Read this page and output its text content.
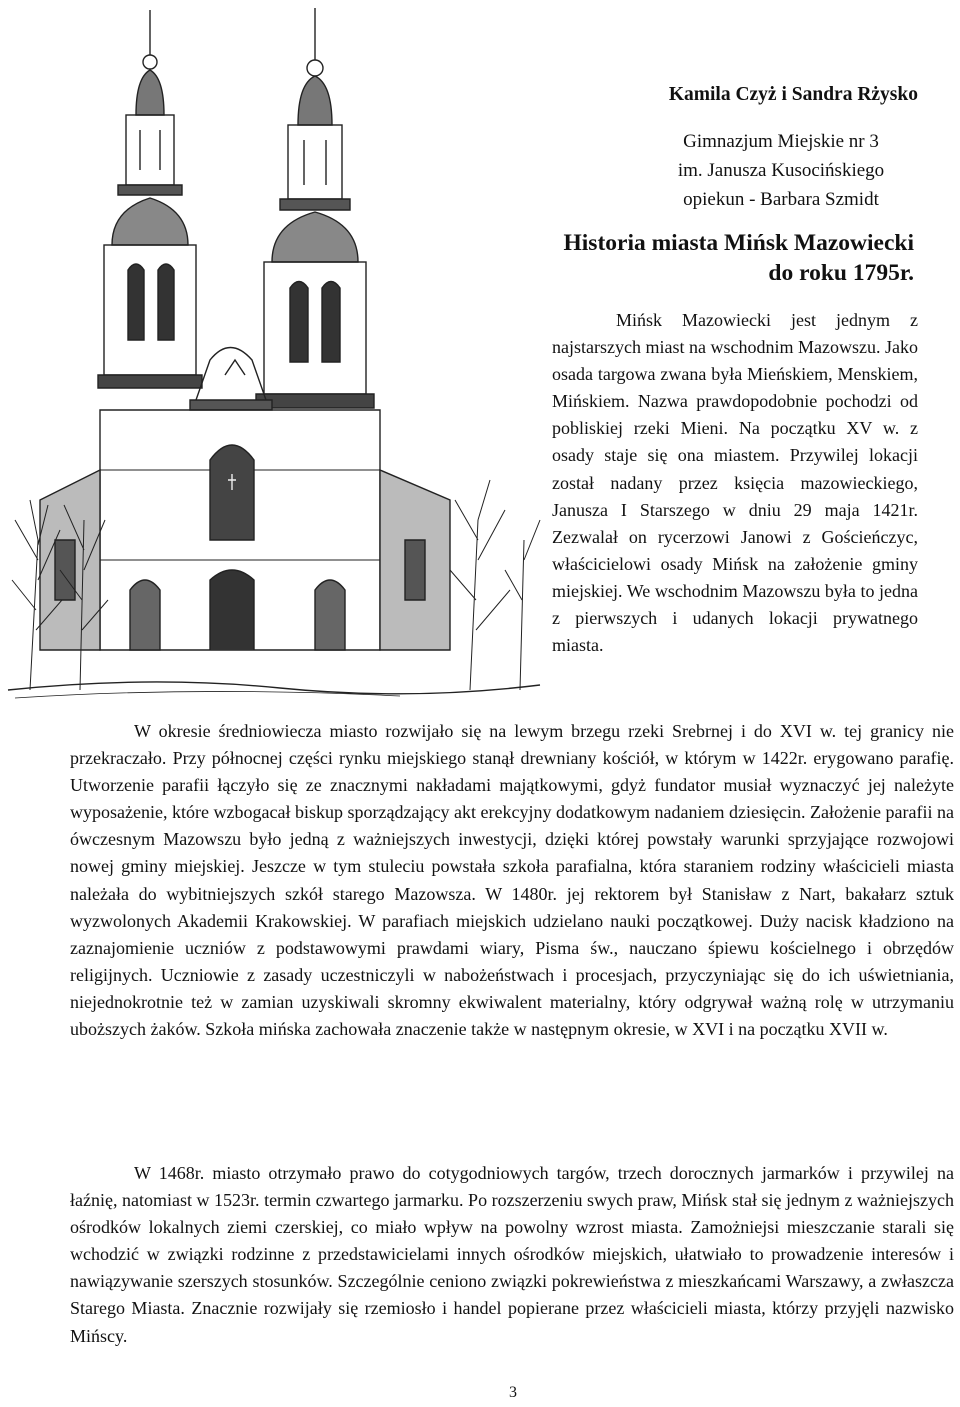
Kamila Czyż i Sandra Rżysko
Gimnazjum Miejskie nr 3
im. Janusza Kusocińskiego
opiekun - Barbara Szmidt
Historia miasta Mińsk Mazowiecki
do roku 1795r.

Mińsk Mazowiecki jest jednym z najstarszych miast na wschodnim Mazowszu. Jako osada targowa zwana była Mieńskiem, Menskiem, Mińskiem. Nazwa prawdopodobnie pochodzi od pobliskiej rzeki Mieni. Na początku XV w. z osady staje się ona miastem. Przywilej lokacji został nadany przez księcia mazowieckiego, Janusza I Starszego w dniu 29 maja 1421r. Zezwalał on rycerzowi Janowi z Gościeńczyc, właścicielowi osady Mińsk na założenie gminy miejskiej. We wschodnim Mazowszu była to jedna z pierwszych i udanych lokacji prywatnego miasta.

W okresie średniowiecza miasto rozwijało się na lewym brzegu rzeki Srebrnej i do XVI w. tej granicy nie przekraczało. Przy północnej części rynku miejskiego stanął drewniany kościół, w którym w 1422r. erygowano parafię. Utworzenie parafii łączyło się ze znacznymi nakładami majątkowymi, gdyż fundator musiał wyznaczyć jej należyte wyposażenie, które wzbogacał biskup sporządzający akt erekcyjny dodatkowym nadaniem dziesięcin. Założenie parafii na ówczesnym Mazowszu było jedną z ważniejszych inwestycji, dzięki której powstały warunki sprzyjające rozwojowi nowej gminy miejskiej. Jeszcze w tym stuleciu powstała szkoła parafialna, która staraniem rodziny właścicieli miasta należała do wybitniejszych szkół starego Mazowsza. W 1480r. jej rektorem był Stanisław z Nart, bakałarz sztuk wyzwolonych Akademii Krakowskiej. W parafiach miejskich udzielano nauki początkowej. Duży nacisk kładziono na zaznajomienie uczniów z podstawowymi prawdami wiary, Pisma św., nauczano śpiewu kościelnego i obrzędów religijnych. Uczniowie z zasady uczestniczyli w nabożeństwach i procesjach, przyczyniając się do ich uświetniania, niejednokrotnie też w zamian uzyskiwali skromny ekwiwalent materialny, który odgrywał ważną rolę w utrzymaniu uboższych żaków. Szkoła mińska zachowała znaczenie także w następnym okresie, w XVI i na początku XVII w.

W 1468r. miasto otrzymało prawo do cotygodniowych targów, trzech dorocznych jarmarków i przywilej na łaźnię, natomiast w 1523r. termin czwartego jarmarku. Po rozszerzeniu swych praw, Mińsk stał się jednym z ważniejszych ośrodków lokalnych ziemi czerskiej, co miało wpływ na powolny wzrost miasta. Zamożniejsi mieszczanie starali się wchodzić w związki rodzinne z przedstawicielami innych ośrodków miejskich, ułatwiało to prowadzenie interesów i nawiązywanie szerszych stosunków. Szczególnie ceniono związki pokrewieństwa z mieszkańcami Warszawy, a zwłaszcza Starego Miasta. Znacznie rozwijały się rzemiosło i handel popierane przez właścicieli miasta, którzy przyjęli nazwisko Mińscy.

3
